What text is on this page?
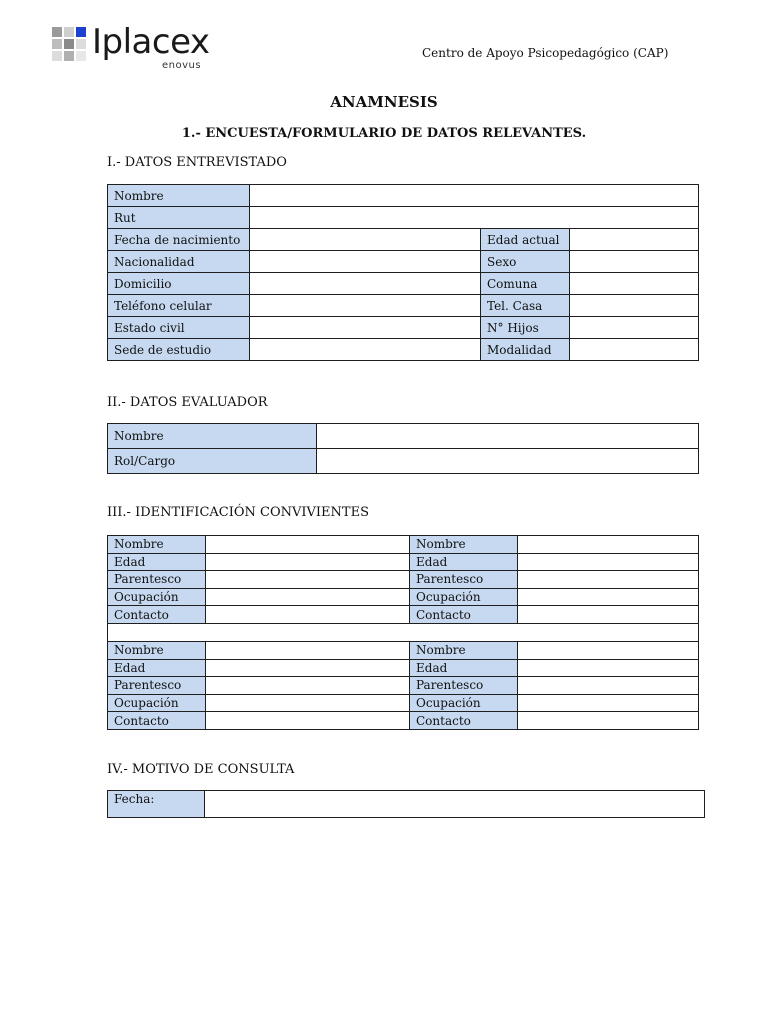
Iplacex
enovus
Centro de Apoyo Psicopedagógico (CAP)
ANAMNESIS
1.- ENCUESTA/FORMULARIO DE DATOS RELEVANTES.
I.- DATOS ENTREVISTADO
Nombre			
Rut			
Fecha de nacimiento		Edad actual	
Nacionalidad		Sexo	
Domicilio		Comuna	
Teléfono celular		Tel. Casa	
Estado civil		N° Hijos	
Sede de estudio		Modalidad	
II.- DATOS EVALUADOR
Nombre	
Rol/Cargo	
III.- IDENTIFICACIÓN CONVIVIENTES
Nombre		Nombre	
Edad		Edad	
Parentesco		Parentesco	
Ocupación		Ocupación	
Contacto		Contacto	

Nombre		Nombre	
Edad		Edad	
Parentesco		Parentesco	
Ocupación		Ocupación	
Contacto		Contacto	
IV.- MOTIVO DE CONSULTA
Fecha:	
